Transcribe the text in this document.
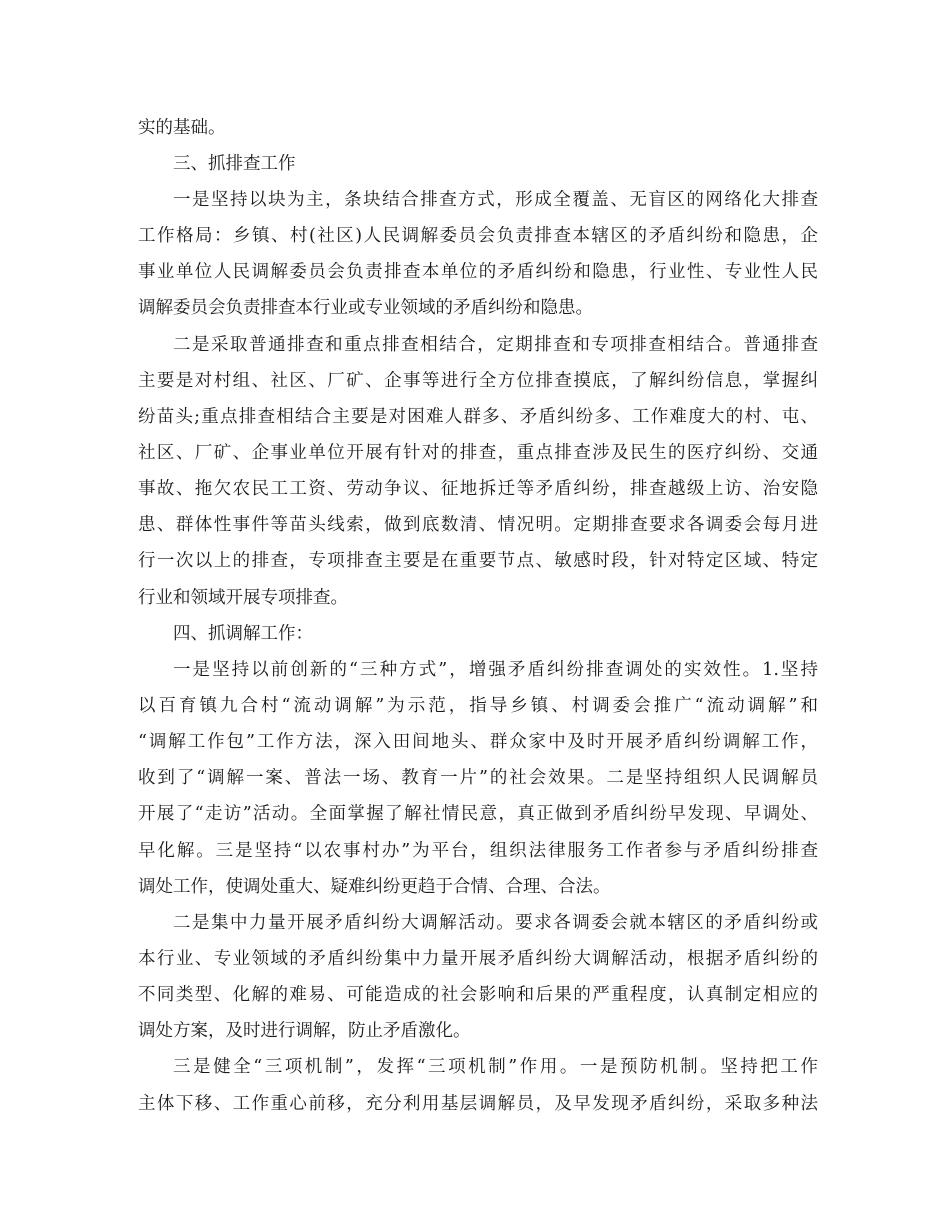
实的基础。
三、抓排查工作
一是坚持以块为主，条块结合排查方式，形成全覆盖、无盲区的网络化大排查
工作格局：乡镇、村(社区)人民调解委员会负责排查本辖区的矛盾纠纷和隐患，企
事业单位人民调解委员会负责排查本单位的矛盾纠纷和隐患，行业性、专业性人民
调解委员会负责排查本行业或专业领域的矛盾纠纷和隐患。
二是采取普通排查和重点排查相结合，定期排查和专项排查相结合。普通排查
主要是对村组、社区、厂矿、企事等进行全方位排查摸底，了解纠纷信息，掌握纠
纷苗头;重点排查相结合主要是对困难人群多、矛盾纠纷多、工作难度大的村、屯、
社区、厂矿、企事业单位开展有针对的排查，重点排查涉及民生的医疗纠纷、交通
事故、拖欠农民工工资、劳动争议、征地拆迁等矛盾纠纷，排查越级上访、治安隐
患、群体性事件等苗头线索，做到底数清、情况明。定期排查要求各调委会每月进
行一次以上的排查，专项排查主要是在重要节点、敏感时段，针对特定区域、特定
行业和领域开展专项排查。
四、抓调解工作：
一是坚持以前创新的“三种方式”，增强矛盾纠纷排查调处的实效性。1.坚持
以百育镇九合村“流动调解”为示范，指导乡镇、村调委会推广“流动调解”和
“调解工作包”工作方法，深入田间地头、群众家中及时开展矛盾纠纷调解工作，
收到了“调解一案、普法一场、教育一片”的社会效果。二是坚持组织人民调解员
开展了“走访”活动。全面掌握了解社情民意，真正做到矛盾纠纷早发现、早调处、
早化解。三是坚持“以农事村办”为平台，组织法律服务工作者参与矛盾纠纷排查
调处工作，使调处重大、疑难纠纷更趋于合情、合理、合法。
二是集中力量开展矛盾纠纷大调解活动。要求各调委会就本辖区的矛盾纠纷或
本行业、专业领域的矛盾纠纷集中力量开展矛盾纠纷大调解活动，根据矛盾纠纷的
不同类型、化解的难易、可能造成的社会影响和后果的严重程度，认真制定相应的
调处方案，及时进行调解，防止矛盾激化。
三是健全“三项机制”，发挥“三项机制”作用。一是预防机制。坚持把工作
主体下移、工作重心前移，充分利用基层调解员，及早发现矛盾纠纷，采取多种法
